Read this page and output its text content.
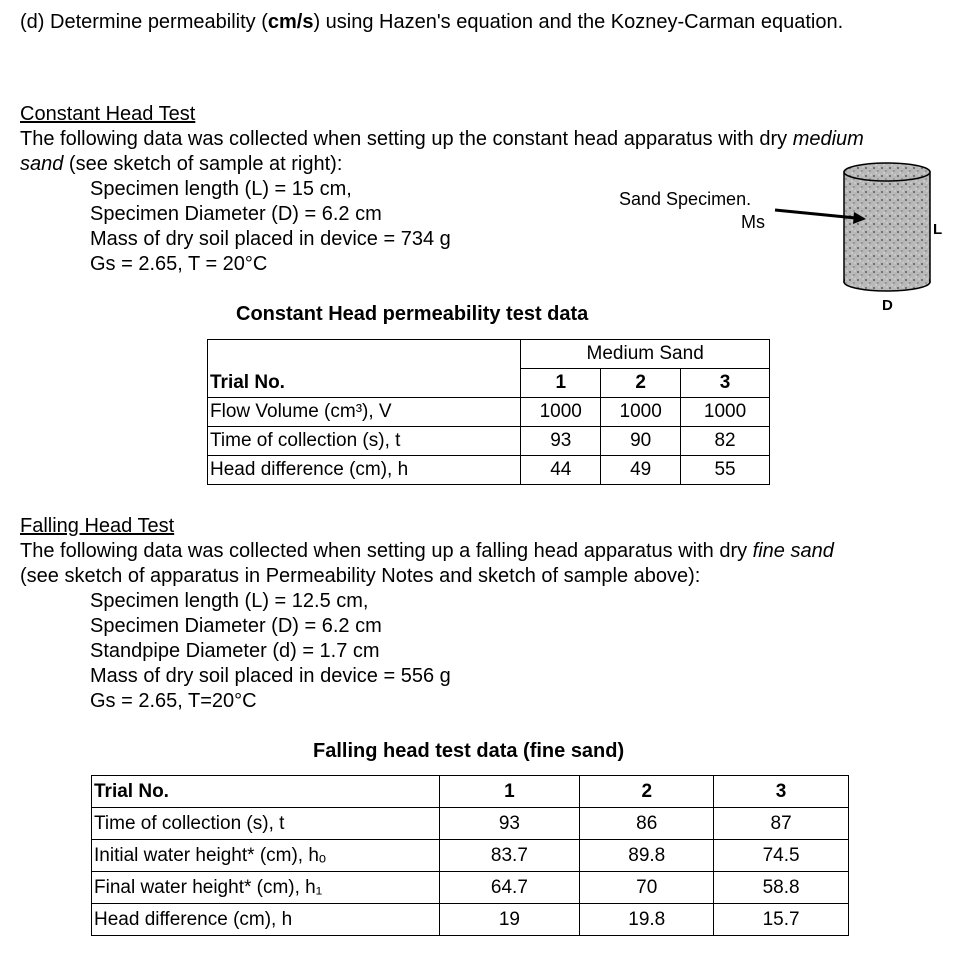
(d) Determine permeability (cm/s) using Hazen's equation and the Kozney-Carman equation.
Constant Head Test
The following data was collected when setting up the constant head apparatus with dry medium
sand (see sketch of sample at right):
Specimen length (L) = 15 cm,
Specimen Diameter (D) = 6.2 cm
Mass of dry soil placed in device = 734 g
Gs = 2.65, T = 20°C
Sand Specimen.
Ms	L
D
Constant Head permeability test data
	Medium Sand		
Trial No.	1	2	3
Flow Volume (cm³), V	1000	1000	1000
Time of collection (s), t	93	90	82
Head difference (cm), h	44	49	55
Falling Head Test
The following data was collected when setting up a falling head apparatus with dry fine sand
(see sketch of apparatus in Permeability Notes and sketch of sample above):
Specimen length (L) = 12.5 cm,
Specimen Diameter (D) = 6.2 cm
Standpipe Diameter (d) = 1.7 cm
Mass of dry soil placed in device = 556 g
Gs = 2.65, T=20°C
Falling head test data (fine sand)
Trial No.	1	2	3
Time of collection (s), t	93	86	87
Initial water height* (cm), hₒ	83.7	89.8	74.5
Final water height* (cm), h₁	64.7	70	58.8
Head difference (cm), h	19	19.8	15.7
